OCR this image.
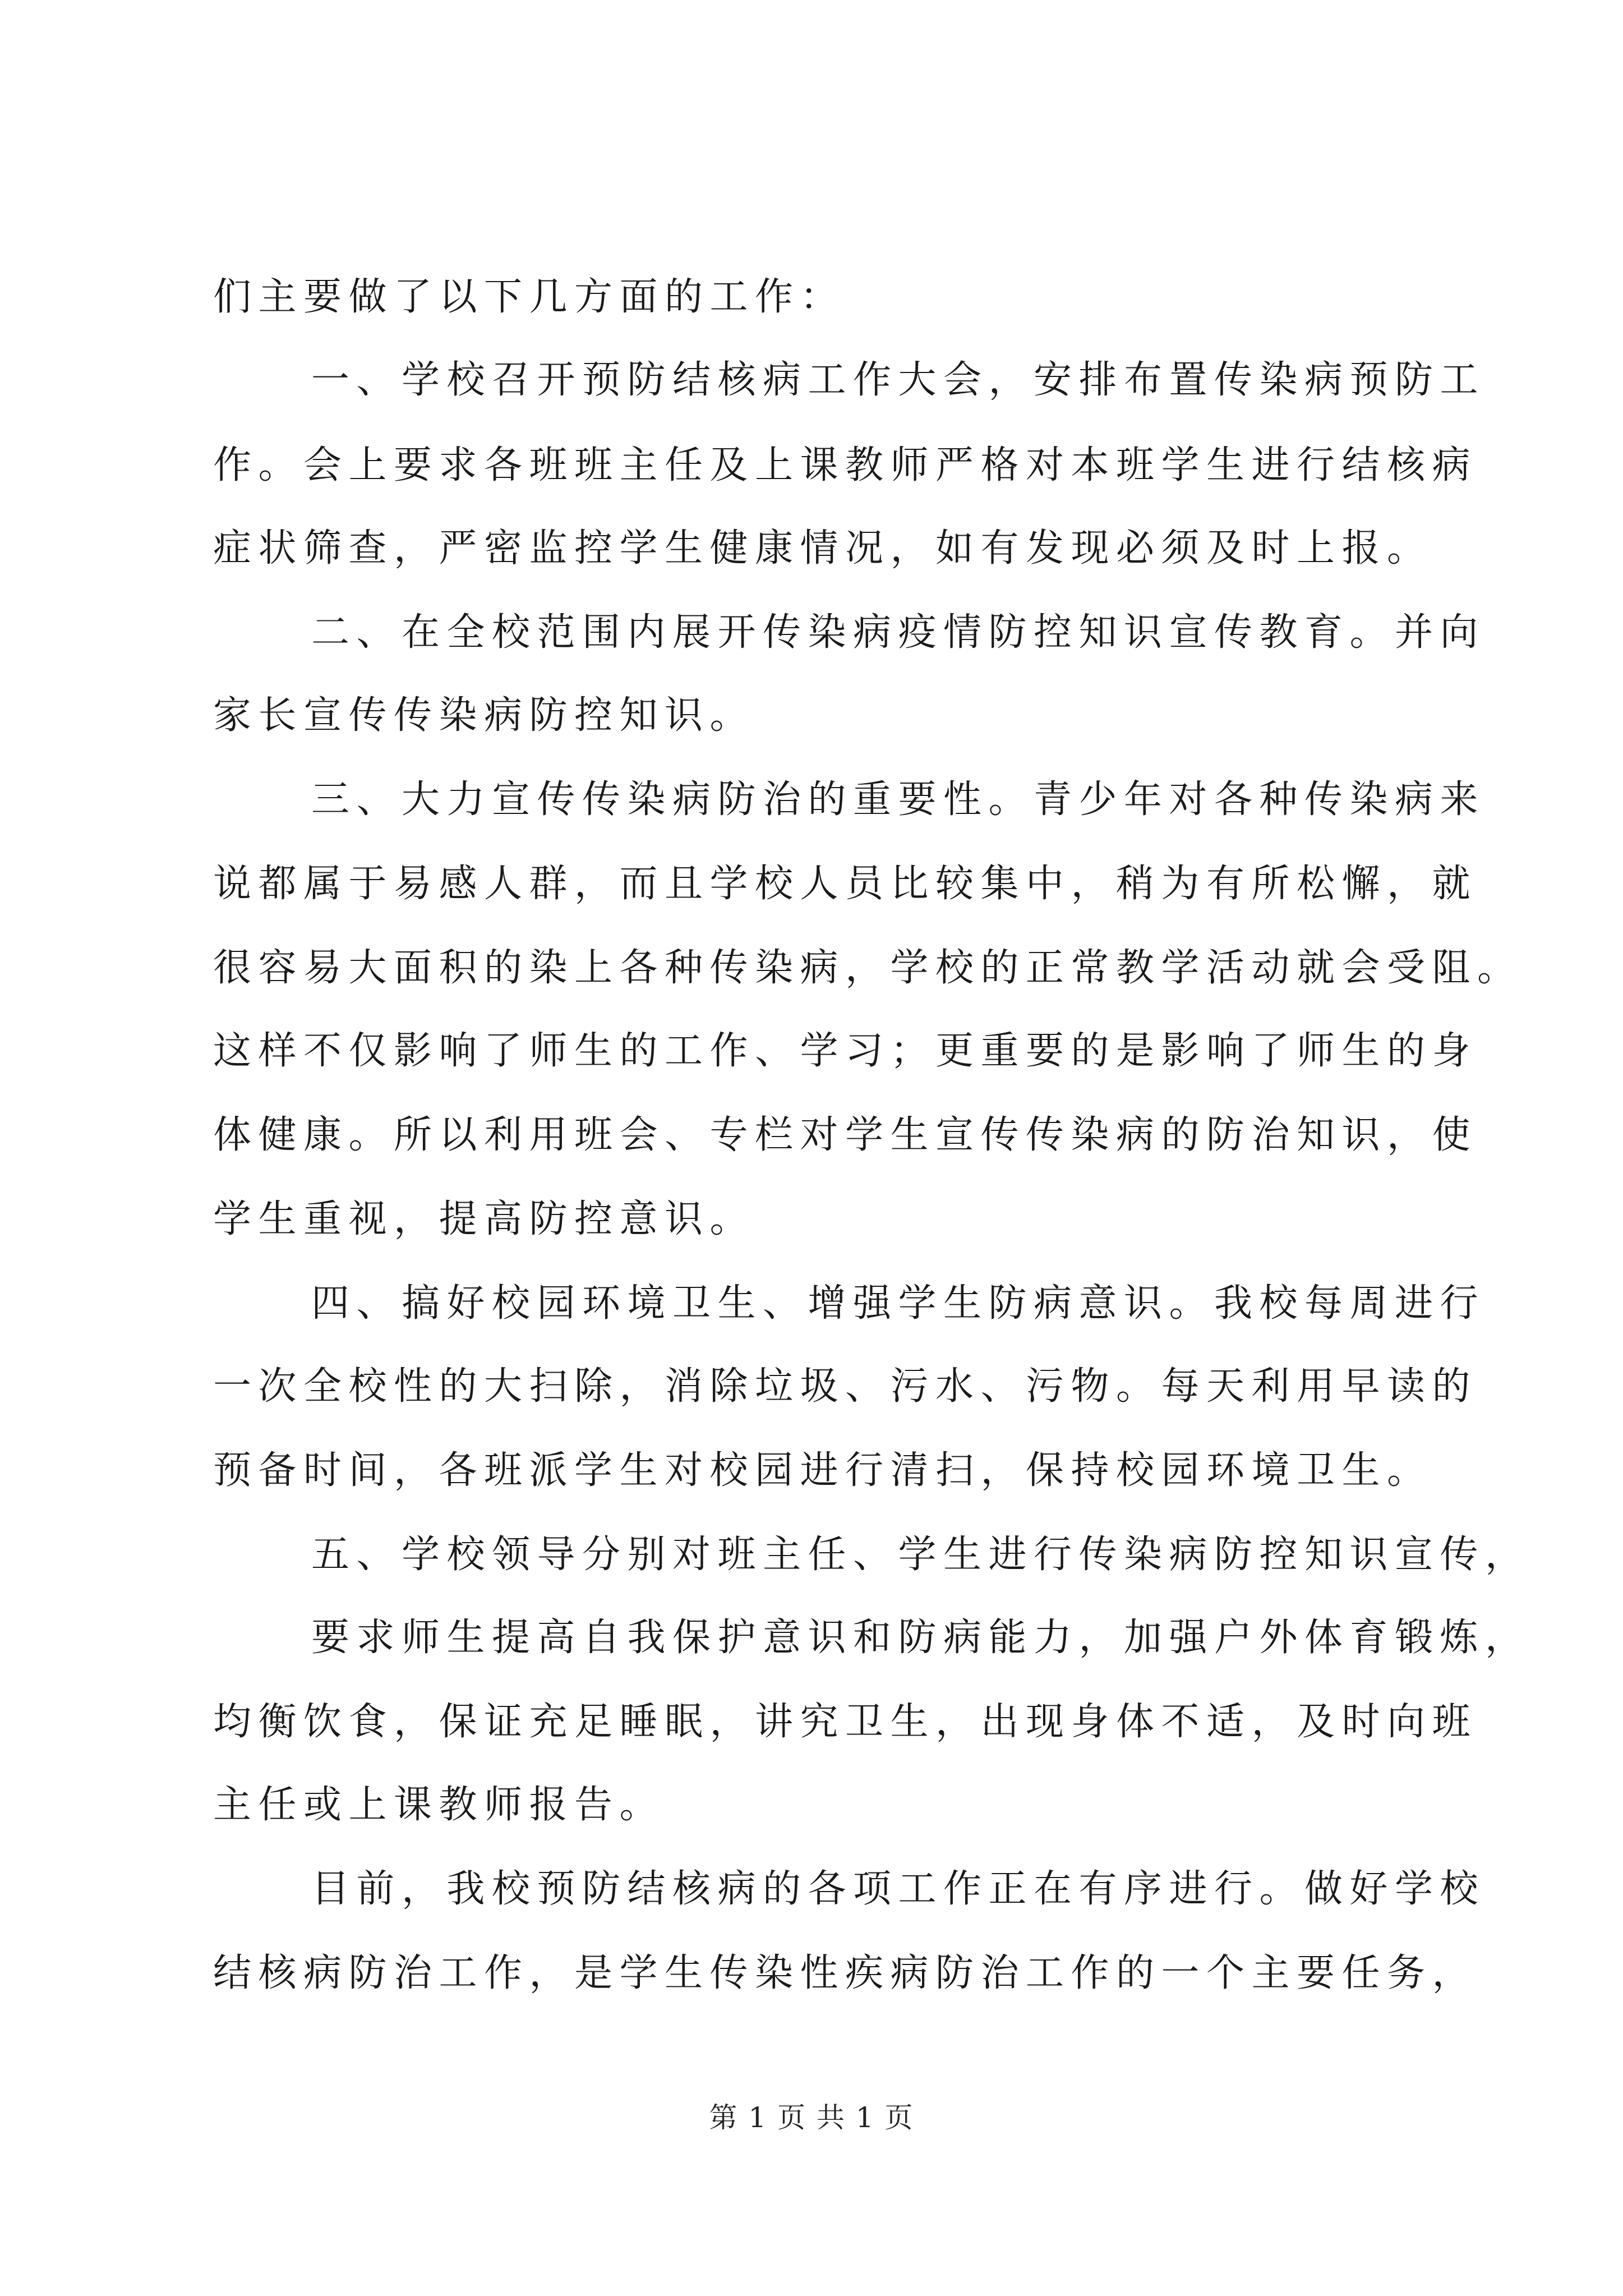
们主要做了以下几方面的工作：
一、学校召开预防结核病工作大会，安排布置传染病预防工
作。会上要求各班班主任及上课教师严格对本班学生进行结核病
症状筛查，严密监控学生健康情况，如有发现必须及时上报。
二、在全校范围内展开传染病疫情防控知识宣传教育。并向
家长宣传传染病防控知识。
三、大力宣传传染病防治的重要性。青少年对各种传染病来
说都属于易感人群，而且学校人员比较集中，稍为有所松懈，就
很容易大面积的染上各种传染病，学校的正常教学活动就会受阻。
这样不仅影响了师生的工作、学习；更重要的是影响了师生的身
体健康。所以利用班会、专栏对学生宣传传染病的防治知识，使
学生重视，提高防控意识。
四、搞好校园环境卫生、增强学生防病意识。我校每周进行
一次全校性的大扫除，消除垃圾、污水、污物。每天利用早读的
预备时间，各班派学生对校园进行清扫，保持校园环境卫生。
五、学校领导分别对班主任、学生进行传染病防控知识宣传，
要求师生提高自我保护意识和防病能力，加强户外体育锻炼，
均衡饮食，保证充足睡眠，讲究卫生，出现身体不适，及时向班
主任或上课教师报告。
目前，我校预防结核病的各项工作正在有序进行。做好学校
结核病防治工作，是学生传染性疾病防治工作的一个主要任务，
第 1 页 共 1 页
